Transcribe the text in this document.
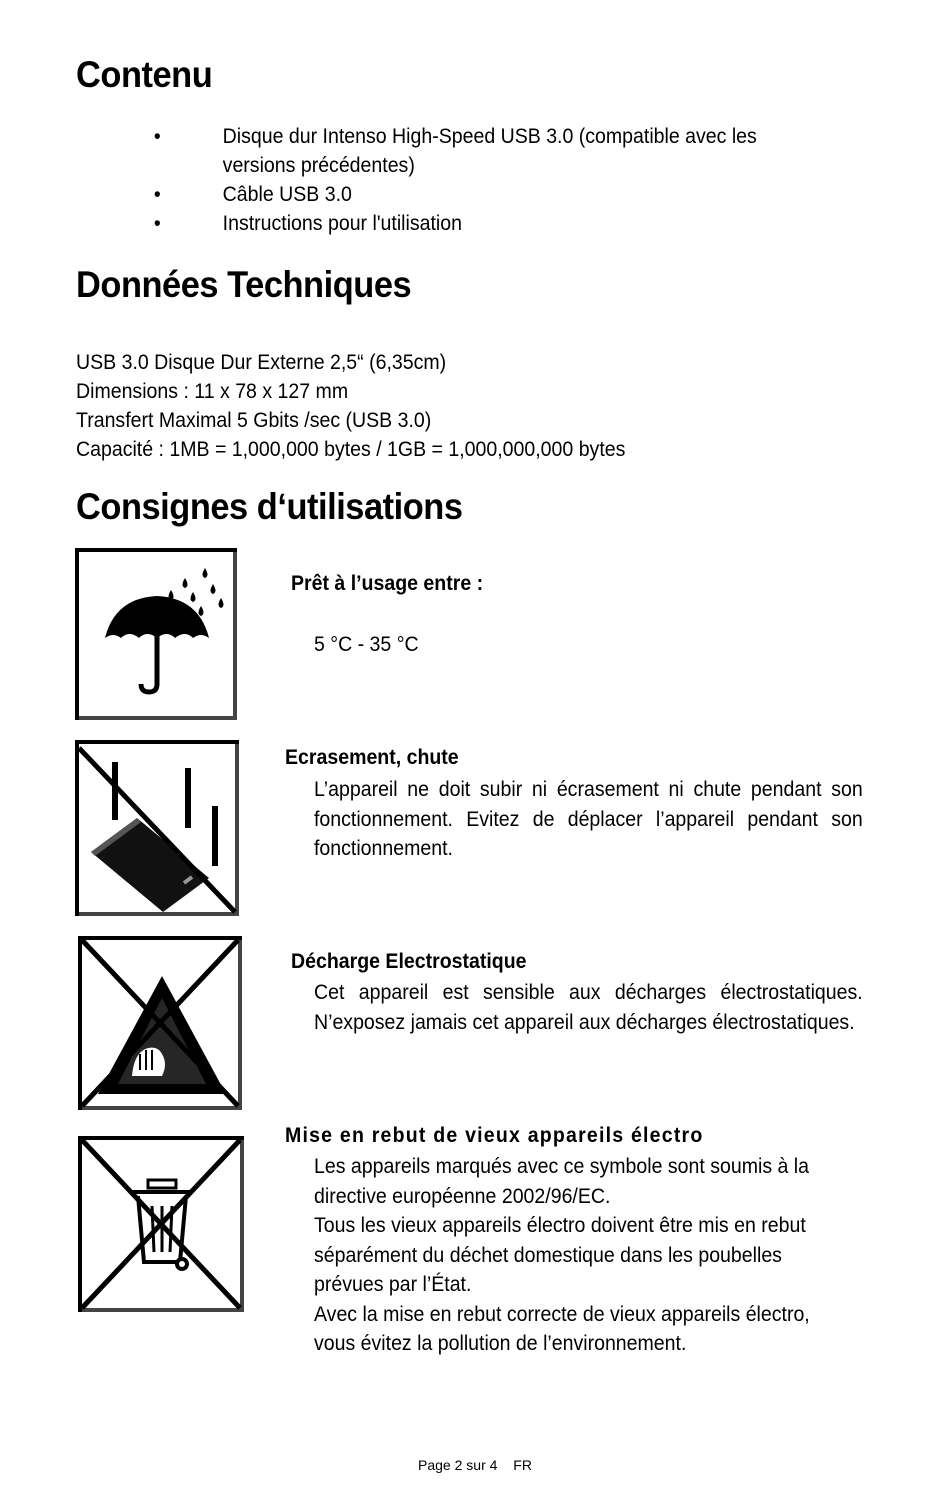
Contenu
•	Disque dur Intenso High-Speed USB 3.0 (compatible avec les versions précédentes)
•	Câble USB 3.0
•	Instructions pour l'utilisation
Données Techniques
USB 3.0 Disque Dur Externe 2,5“ (6,35cm)
Dimensions : 11 x 78 x 127 mm
Transfert Maximal 5 Gbits /sec (USB 3.0)
Capacité : 1MB = 1,000,000 bytes / 1GB = 1,000,000,000 bytes
Consignes d‘utilisations
Prêt à l’usage entre :
5 °C - 35 °C
Ecrasement, chute
L’appareil ne doit subir ni écrasement ni chute pendant son fonctionnement. Evitez de déplacer l’appareil pendant son fonctionnement.
Décharge Electrostatique
Cet appareil est sensible aux décharges électrostatiques. N’exposez jamais cet appareil aux décharges électrostatiques.
Mise en rebut de vieux appareils électro
Les appareils marqués avec ce symbole sont soumis à la
directive européenne 2002/96/EC.
Tous les vieux appareils électro doivent être mis en rebut
séparément du déchet domestique dans les poubelles
prévues par l’État.
Avec la mise en rebut correcte de vieux appareils électro,
vous évitez la pollution de l’environnement.
Page 2 sur 4 FR
